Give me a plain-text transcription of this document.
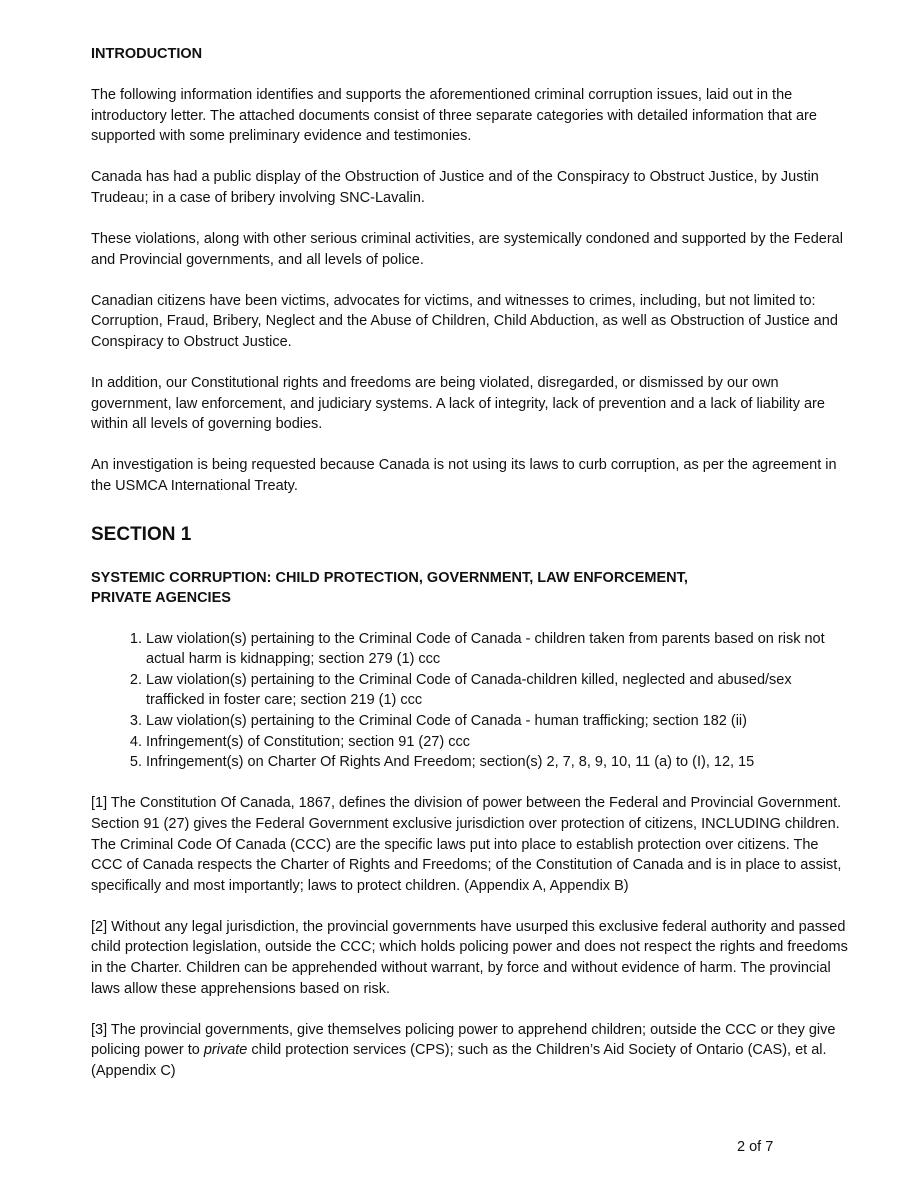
INTRODUCTION

The following information identifies and supports the aforementioned criminal corruption issues, laid out in the introductory letter. The attached documents consist of three separate categories with detailed information that are supported with some preliminary evidence and testimonies.

Canada has had a public display of the Obstruction of Justice and of the Conspiracy to Obstruct Justice, by Justin Trudeau; in a case of bribery involving SNC-Lavalin.

These violations, along with other serious criminal activities, are systemically condoned and supported by the Federal and Provincial governments, and all levels of police.

Canadian citizens have been victims, advocates for victims, and witnesses to crimes, including, but not limited to: Corruption, Fraud, Bribery, Neglect and the Abuse of Children, Child Abduction, as well as Obstruction of Justice and Conspiracy to Obstruct Justice.

In addition, our Constitutional rights and freedoms are being violated, disregarded, or dismissed by our own government, law enforcement, and judiciary systems. A lack of integrity, lack of prevention and a lack of liability are within all levels of governing bodies.

An investigation is being requested because Canada is not using its laws to curb corruption, as per the agreement in the USMCA International Treaty.

SECTION 1

SYSTEMIC CORRUPTION: CHILD PROTECTION, GOVERNMENT, LAW ENFORCEMENT, PRIVATE AGENCIES

1. Law violation(s) pertaining to the Criminal Code of Canada - children taken from parents based on risk not actual harm is kidnapping; section 279 (1) ccc
2. Law violation(s) pertaining to the Criminal Code of Canada-children killed, neglected and abused/sex trafficked in foster care; section 219 (1) ccc
3. Law violation(s) pertaining to the Criminal Code of Canada - human trafficking; section 182 (ii)
4. Infringement(s) of Constitution; section 91 (27) ccc
5. Infringement(s) on Charter Of Rights And Freedom; section(s) 2, 7, 8, 9, 10, 11 (a) to (I), 12, 15

[1] The Constitution Of Canada, 1867, defines the division of power between the Federal and Provincial Government. Section 91 (27) gives the Federal Government exclusive jurisdiction over protection of citizens, INCLUDING children. The Criminal Code Of Canada (CCC) are the specific laws put into place to establish protection over citizens. The CCC of Canada respects the Charter of Rights and Freedoms; of the Constitution of Canada and is in place to assist, specifically and most importantly; laws to protect children. (Appendix A, Appendix B)

[2] Without any legal jurisdiction, the provincial governments have usurped this exclusive federal authority and passed child protection legislation, outside the CCC; which holds policing power and does not respect the rights and freedoms in the Charter. Children can be apprehended without warrant, by force and without evidence of harm. The provincial laws allow these apprehensions based on risk.

[3] The provincial governments, give themselves policing power to apprehend children; outside the CCC or they give policing power to private child protection services (CPS); such as the Children’s Aid Society of Ontario (CAS), et al. (Appendix C)

2 of 7
